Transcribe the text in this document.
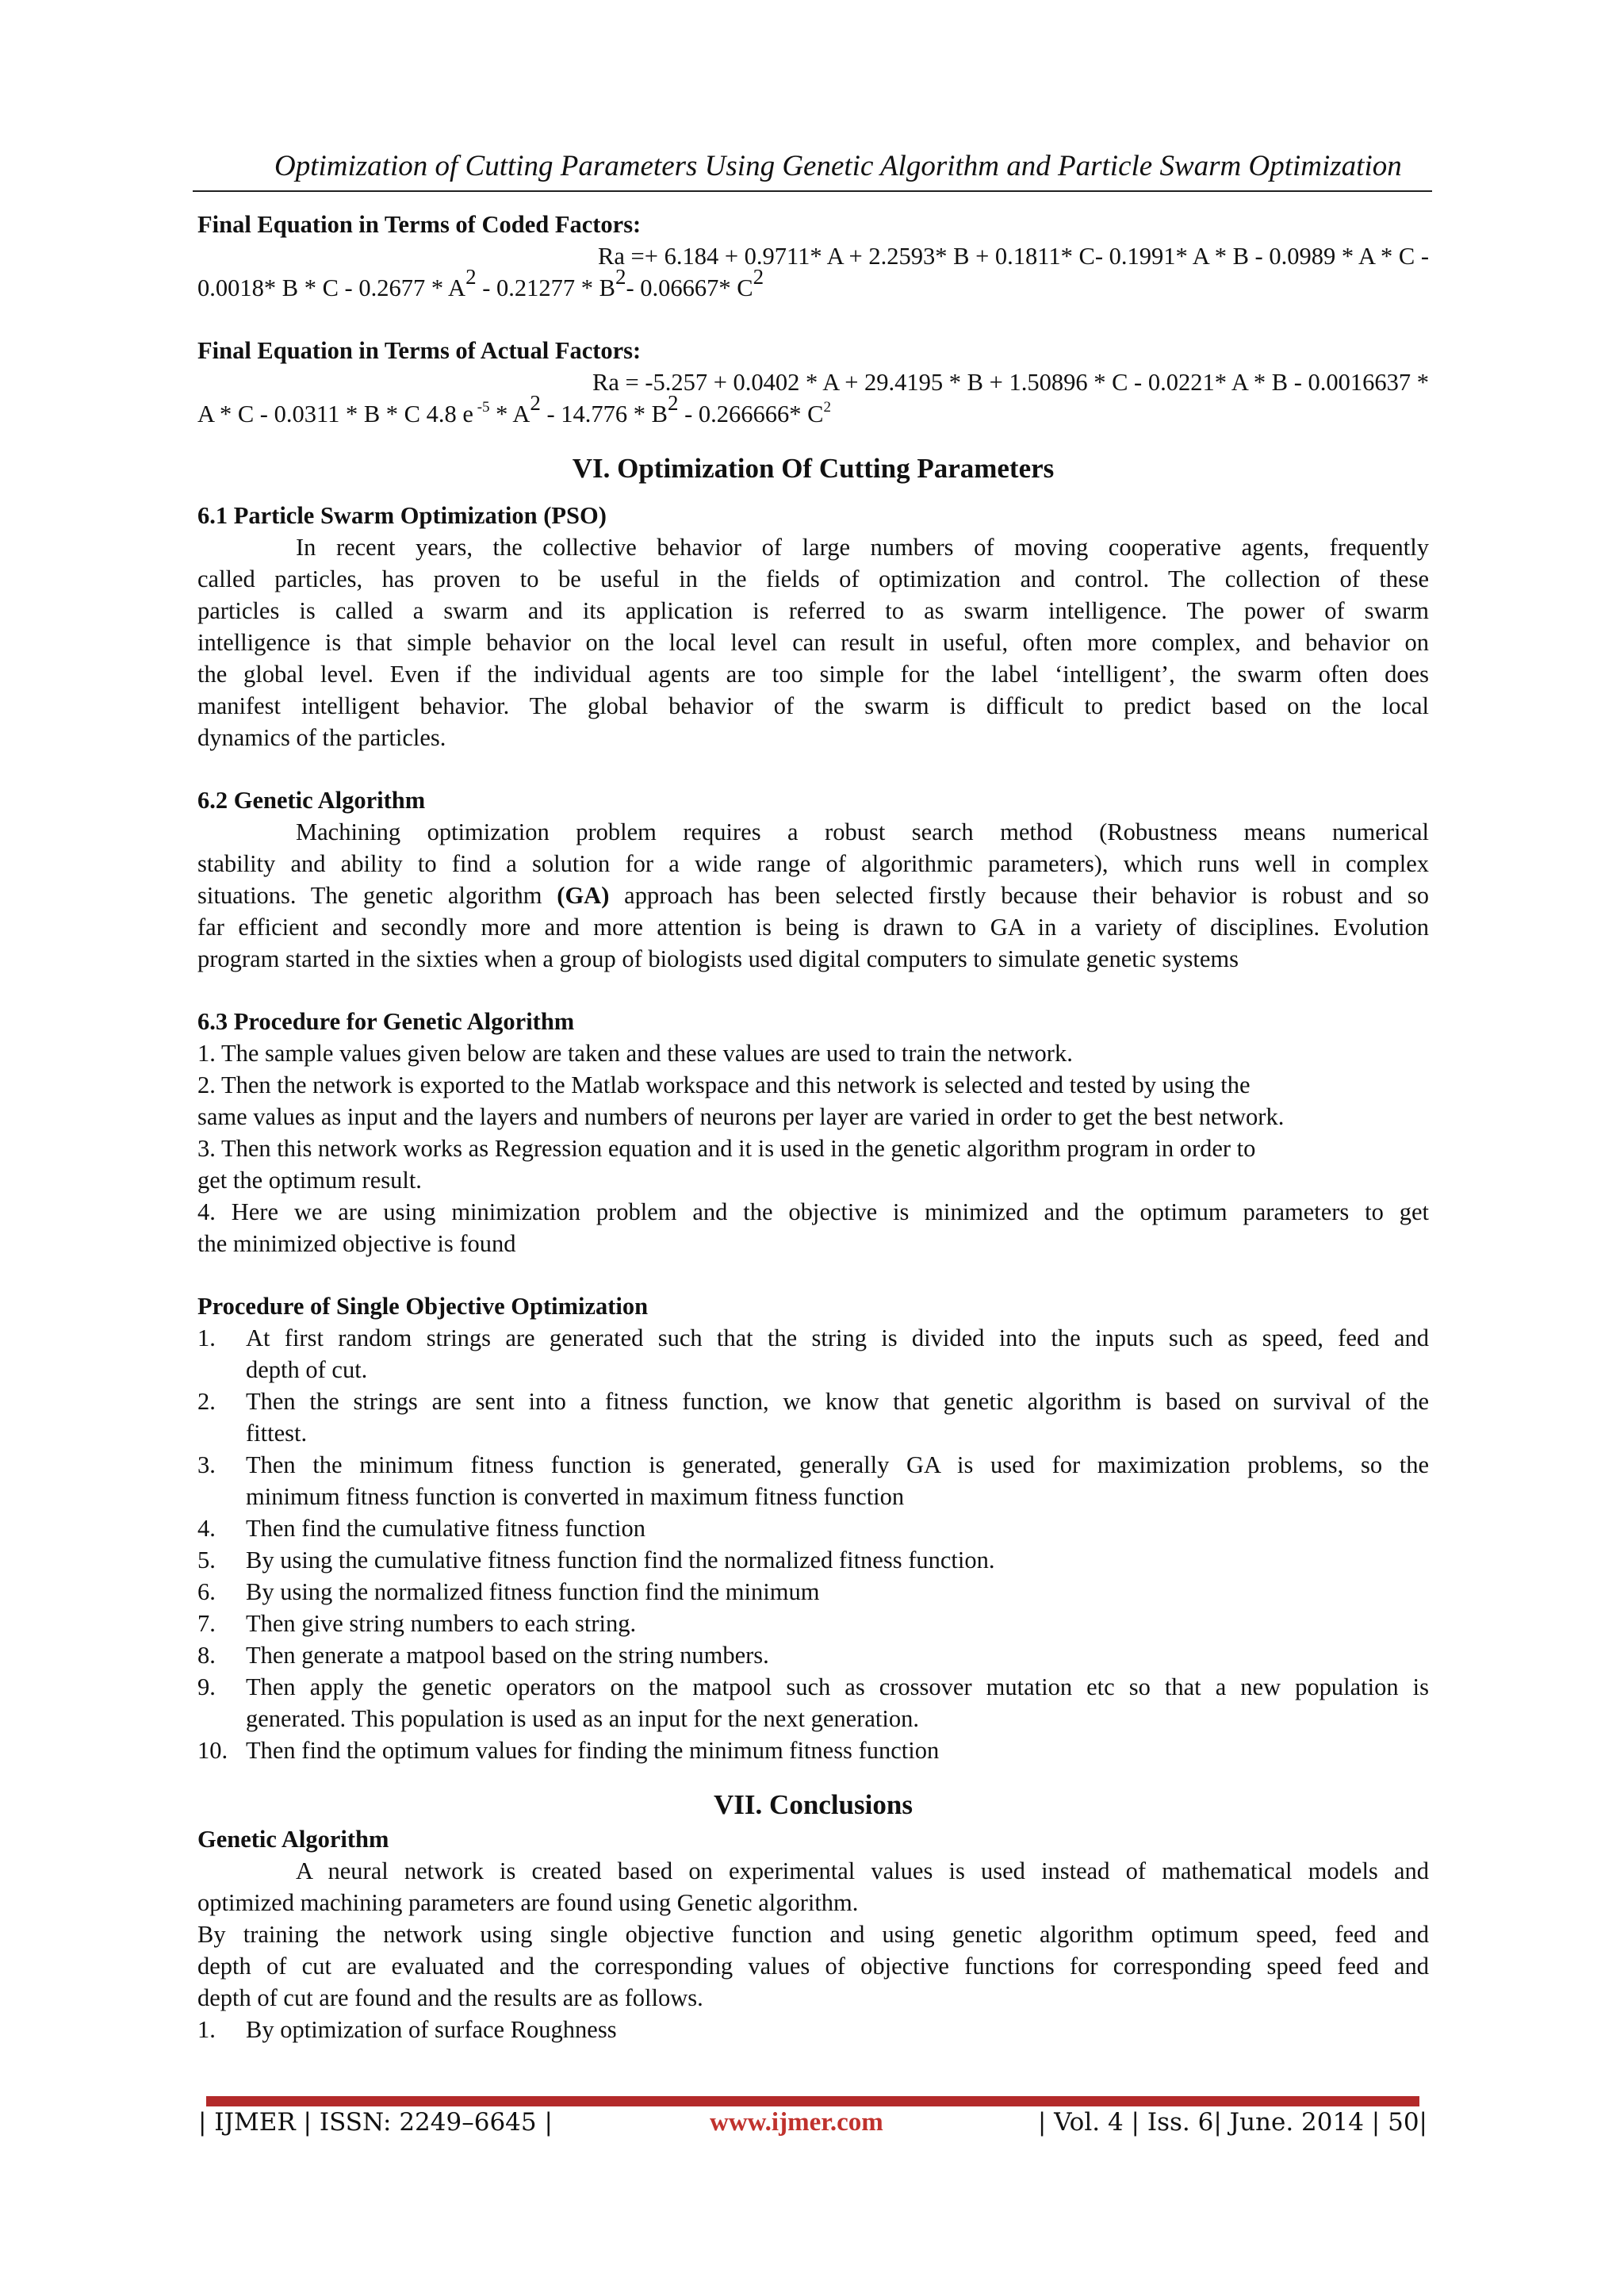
Optimization of Cutting Parameters Using Genetic Algorithm and Particle Swarm Optimization
Final Equation in Terms of Coded Factors:
Ra =+ 6.184 + 0.9711* A + 2.2593* B + 0.1811* C- 0.1991* A * B - 0.0989 * A * C -
0.0018* B * C - $0.2677 * A^2 - 0.21277 * B^2-$ 0.06667* $C^2$
Final Equation in Terms of Actual Factors:
Ra = -5.257 + 0.0402 * A + 29.4195 * B + 1.50896 * C - 0.0221* A * B - 0.0016637 *
A * C - 0.0311 * B * C 4.8 e $^{-5} * A^2 - 14.776 * B^2 - 0.266666*$ $C^2$
VI. Optimization Of Cutting Parameters
6.1 Particle Swarm Optimization (PSO)
In recent years, the collective behavior of large numbers of moving cooperative agents, frequently
called particles, has proven to be useful in the fields of optimization and control. The collection of these
particles is called a swarm and its application is referred to as swarm intelligence. The power of swarm
intelligence is that simple behavior on the local level can result in useful, often more complex, and behavior on
the global level. Even if the individual agents are too simple for the label ‘intelligent’, the swarm often does
manifest intelligent behavior. The global behavior of the swarm is difficult to predict based on the local
dynamics of the particles.
6.2 Genetic Algorithm
Machining optimization problem requires a robust search method (Robustness means numerical
stability and ability to find a solution for a wide range of algorithmic parameters), which runs well in complex
situations. The genetic algorithm (GA) approach has been selected firstly because their behavior is robust and so
far efficient and secondly more and more attention is being is drawn to GA in a variety of disciplines. Evolution
program started in the sixties when a group of biologists used digital computers to simulate genetic systems
6.3 Procedure for Genetic Algorithm
1. The sample values given below are taken and these values are used to train the network.
2. Then the network is exported to the Matlab workspace and this network is selected and tested by using the
same values as input and the layers and numbers of neurons per layer are varied in order to get the best network.
3. Then this network works as Regression equation and it is used in the genetic algorithm program in order to
get the optimum result.
4. Here we are using minimization problem and the objective is minimized and the optimum parameters to get
the minimized objective is found
Procedure of Single Objective Optimization
1. At first random strings are generated such that the string is divided into the inputs such as speed, feed and
depth of cut.
2. Then the strings are sent into a fitness function, we know that genetic algorithm is based on survival of the
fittest.
3. Then the minimum fitness function is generated, generally GA is used for maximization problems, so the
minimum fitness function is converted in maximum fitness function
4. Then find the cumulative fitness function
5. By using the cumulative fitness function find the normalized fitness function.
6. By using the normalized fitness function find the minimum
7. Then give string numbers to each string.
8. Then generate a matpool based on the string numbers.
9. Then apply the genetic operators on the matpool such as crossover mutation etc so that a new population is
generated. This population is used as an input for the next generation.
10. Then find the optimum values for finding the minimum fitness function
VII. Conclusions
Genetic Algorithm
A neural network is created based on experimental values is used instead of mathematical models and
optimized machining parameters are found using Genetic algorithm.
By training the network using single objective function and using genetic algorithm optimum speed, feed and
depth of cut are evaluated and the corresponding values of objective functions for corresponding speed feed and
depth of cut are found and the results are as follows.
1. By optimization of surface Roughness
| IJMER | ISSN: 2249–6645 |	www.ijmer.com	| Vol. 4 | Iss. 6| June. 2014 | 50|
